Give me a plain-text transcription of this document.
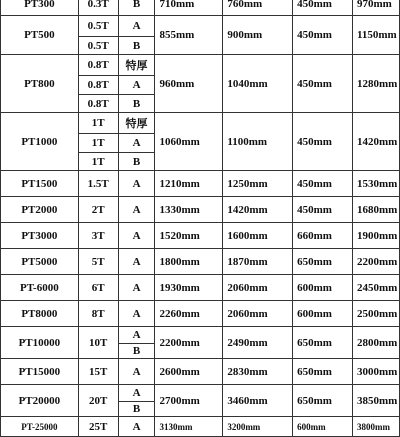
PT300	0.3T	B	710mm	760mm	450mm	970mm
PT500	0.5T	A	855mm	900mm	450mm	1150mm
	0.5T	B				
PT800	0.8T	特厚	960mm	1040mm	450mm	1280mm
	0.8T	A				
	0.8T	B				
PT1000	1T	特厚	1060mm	1100mm	450mm	1420mm
	1T	A				
	1T	B				
PT1500	1.5T	A	1210mm	1250mm	450mm	1530mm
PT2000	2T	A	1330mm	1420mm	450mm	1680mm
PT3000	3T	A	1520mm	1600mm	660mm	1900mm
PT5000	5T	A	1800mm	1870mm	650mm	2200mm
PT-6000	6T	A	1930mm	2060mm	600mm	2450mm
PT8000	8T	A	2260mm	2060mm	600mm	2500mm
PT10000	10T	A	2200mm	2490mm	650mm	2800mm
		B				
PT15000	15T	A	2600mm	2830mm	650mm	3000mm
PT20000	20T	A	2700mm	3460mm	650mm	3850mm
		B				
PT-25000	25T	A	3130mm	3200mm	600mm	3800mm
